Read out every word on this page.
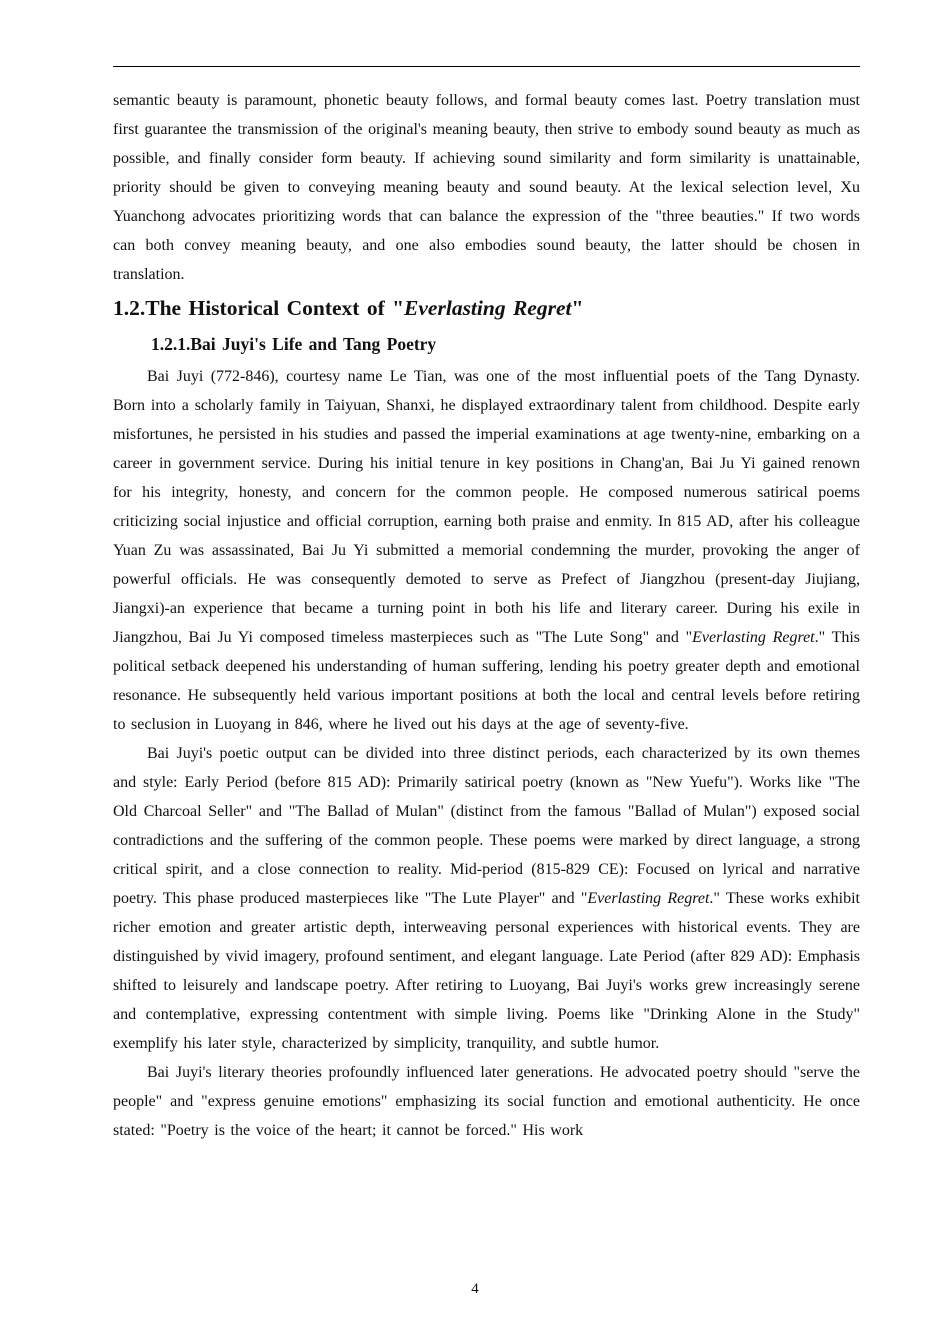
semantic beauty is paramount, phonetic beauty follows, and formal beauty comes last. Poetry translation must first guarantee the transmission of the original's meaning beauty, then strive to embody sound beauty as much as possible, and finally consider form beauty. If achieving sound similarity and form similarity is unattainable, priority should be given to conveying meaning beauty and sound beauty. At the lexical selection level, Xu Yuanchong advocates prioritizing words that can balance the expression of the "three beauties." If two words can both convey meaning beauty, and one also embodies sound beauty, the latter should be chosen in translation.

1.2.The Historical Context of "Everlasting Regret"
1.2.1.Bai Juyi's Life and Tang Poetry

Bai Juyi (772-846), courtesy name Le Tian, was one of the most influential poets of the Tang Dynasty. Born into a scholarly family in Taiyuan, Shanxi, he displayed extraordinary talent from childhood. Despite early misfortunes, he persisted in his studies and passed the imperial examinations at age twenty-nine, embarking on a career in government service. During his initial tenure in key positions in Chang'an, Bai Ju Yi gained renown for his integrity, honesty, and concern for the common people. He composed numerous satirical poems criticizing social injustice and official corruption, earning both praise and enmity. In 815 AD, after his colleague Yuan Zu was assassinated, Bai Ju Yi submitted a memorial condemning the murder, provoking the anger of powerful officials. He was consequently demoted to serve as Prefect of Jiangzhou (present-day Jiujiang, Jiangxi)-an experience that became a turning point in both his life and literary career. During his exile in Jiangzhou, Bai Ju Yi composed timeless masterpieces such as "The Lute Song" and "Everlasting Regret." This political setback deepened his understanding of human suffering, lending his poetry greater depth and emotional resonance. He subsequently held various important positions at both the local and central levels before retiring to seclusion in Luoyang in 846, where he lived out his days at the age of seventy-five.

Bai Juyi's poetic output can be divided into three distinct periods, each characterized by its own themes and style: Early Period (before 815 AD): Primarily satirical poetry (known as "New Yuefu"). Works like "The Old Charcoal Seller" and "The Ballad of Mulan" (distinct from the famous "Ballad of Mulan") exposed social contradictions and the suffering of the common people. These poems were marked by direct language, a strong critical spirit, and a close connection to reality. Mid-period (815-829 CE): Focused on lyrical and narrative poetry. This phase produced masterpieces like "The Lute Player" and "Everlasting Regret." These works exhibit richer emotion and greater artistic depth, interweaving personal experiences with historical events. They are distinguished by vivid imagery, profound sentiment, and elegant language. Late Period (after 829 AD): Emphasis shifted to leisurely and landscape poetry. After retiring to Luoyang, Bai Juyi's works grew increasingly serene and contemplative, expressing contentment with simple living. Poems like "Drinking Alone in the Study" exemplify his later style, characterized by simplicity, tranquility, and subtle humor.

Bai Juyi's literary theories profoundly influenced later generations. He advocated poetry should "serve the people" and "express genuine emotions" emphasizing its social function and emotional authenticity. He once stated: "Poetry is the voice of the heart; it cannot be forced." His work

4
